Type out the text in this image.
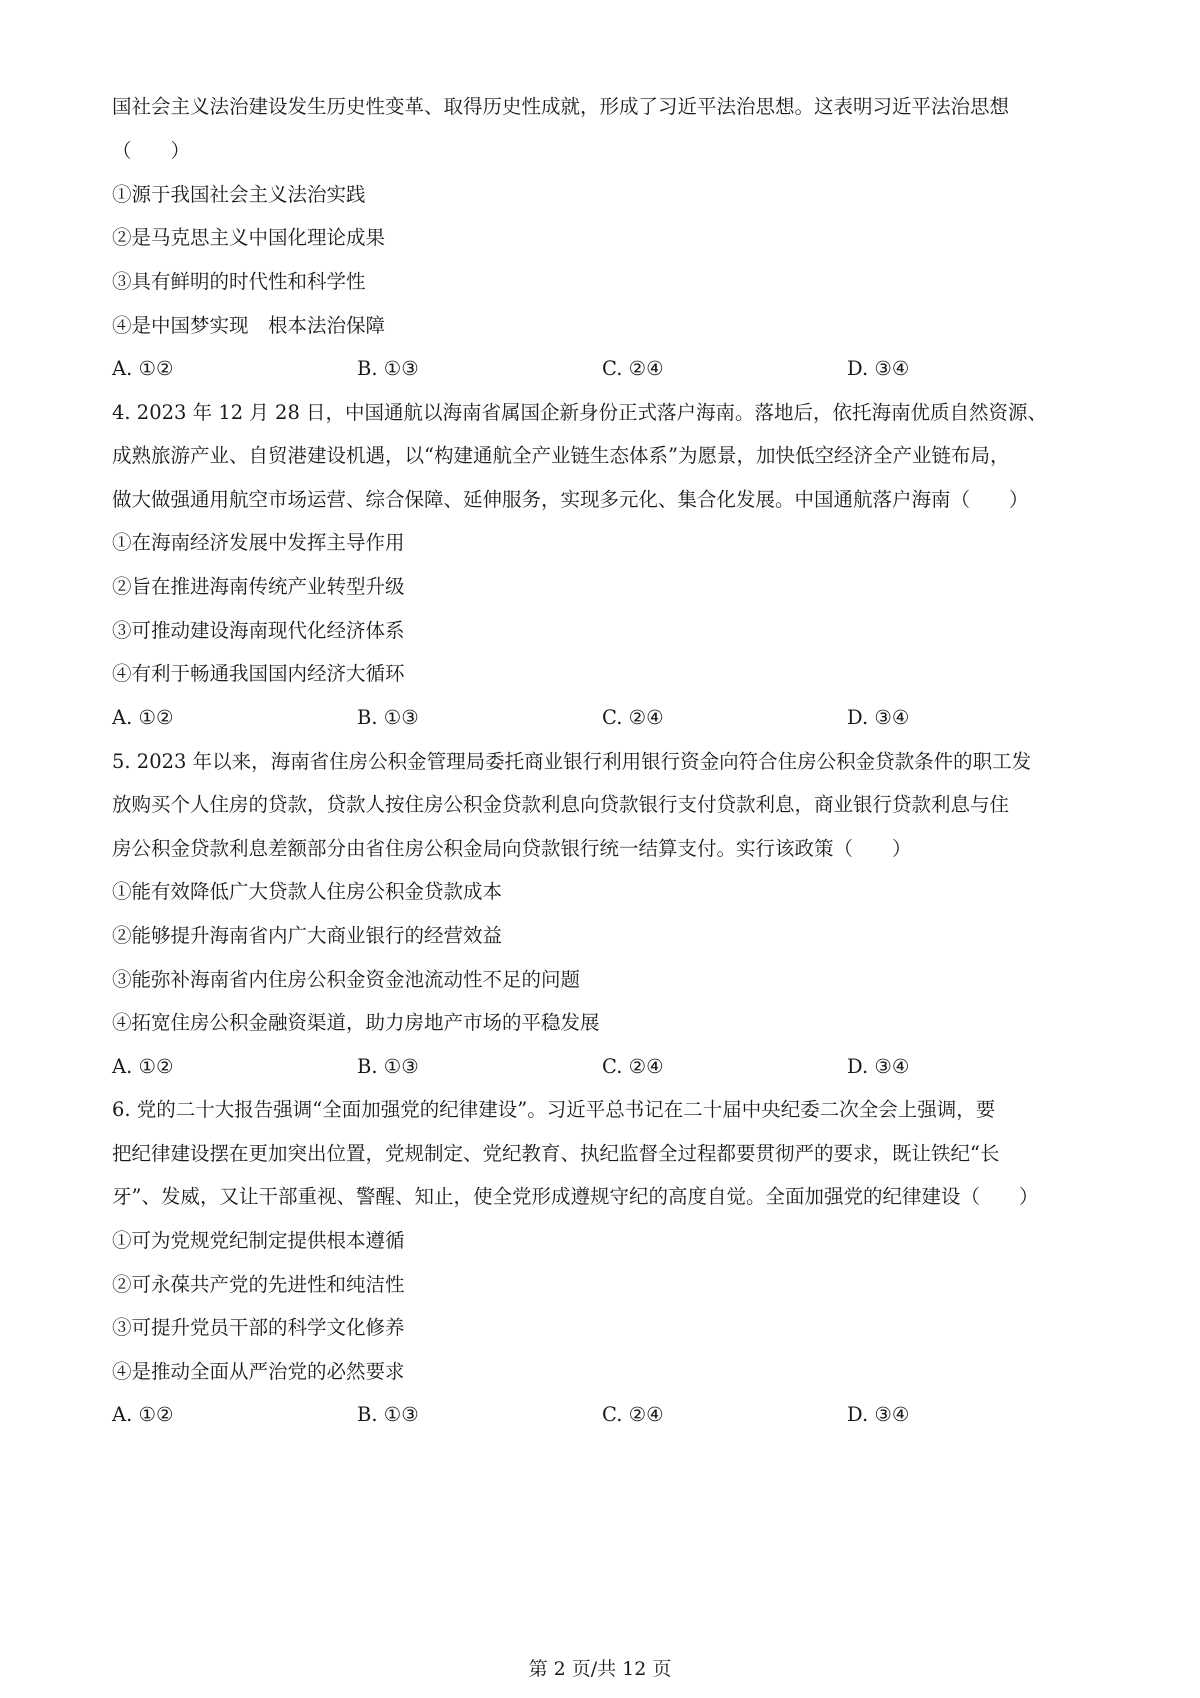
国社会主义法治建设发生历史性变革、取得历史性成就，形成了习近平法治思想。这表明习近平法治思想
（　　）
①源于我国社会主义法治实践
②是马克思主义中国化理论成果
③具有鲜明的时代性和科学性
④是中国梦实现　根本法治保障
A. ①②	B. ①③	C. ②④	D. ③④
4. 2023 年 12 月 28 日，中国通航以海南省属国企新身份正式落户海南。落地后，依托海南优质自然资源、
成熟旅游产业、自贸港建设机遇，以“构建通航全产业链生态体系”为愿景，加快低空经济全产业链布局，
做大做强通用航空市场运营、综合保障、延伸服务，实现多元化、集合化发展。中国通航落户海南（　　）
①在海南经济发展中发挥主导作用
②旨在推进海南传统产业转型升级
③可推动建设海南现代化经济体系
④有利于畅通我国国内经济大循环
A. ①②	B. ①③	C. ②④	D. ③④
5. 2023 年以来，海南省住房公积金管理局委托商业银行利用银行资金向符合住房公积金贷款条件的职工发
放购买个人住房的贷款，贷款人按住房公积金贷款利息向贷款银行支付贷款利息，商业银行贷款利息与住
房公积金贷款利息差额部分由省住房公积金局向贷款银行统一结算支付。实行该政策（　　）
①能有效降低广大贷款人住房公积金贷款成本
②能够提升海南省内广大商业银行的经营效益
③能弥补海南省内住房公积金资金池流动性不足的问题
④拓宽住房公积金融资渠道，助力房地产市场的平稳发展
A. ①②	B. ①③	C. ②④	D. ③④
6. 党的二十大报告强调“全面加强党的纪律建设”。习近平总书记在二十届中央纪委二次全会上强调，要
把纪律建设摆在更加突出位置，党规制定、党纪教育、执纪监督全过程都要贯彻严的要求，既让铁纪“长
牙”、发威，又让干部重视、警醒、知止，使全党形成遵规守纪的高度自觉。全面加强党的纪律建设（　　）
①可为党规党纪制定提供根本遵循
②可永葆共产党的先进性和纯洁性
③可提升党员干部的科学文化修养
④是推动全面从严治党的必然要求
A. ①②	B. ①③	C. ②④	D. ③④
第 2 页/共 12 页
